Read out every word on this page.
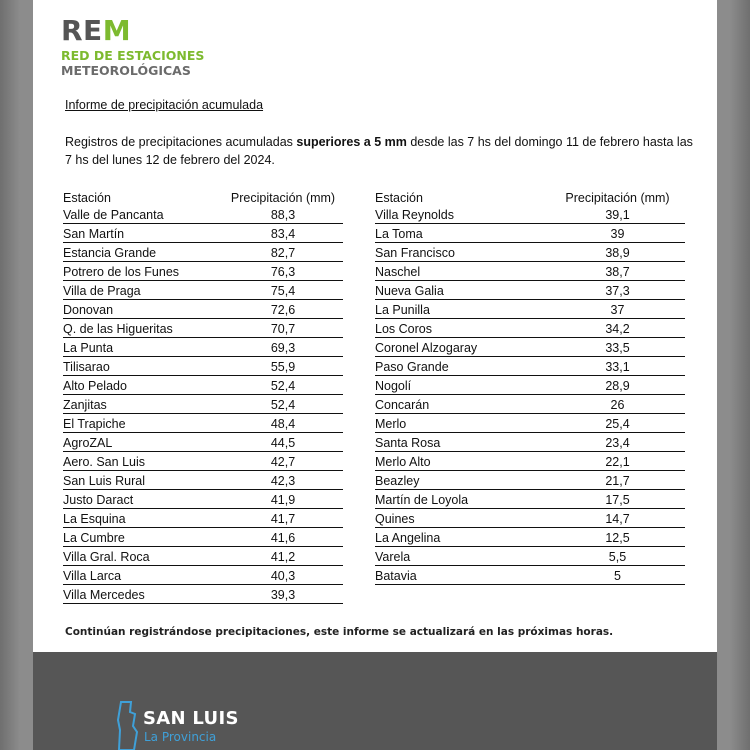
REM
RED DE ESTACIONES
METEOROLÓGICAS
Informe de precipitación acumulada
Registros de precipitaciones acumuladas superiores a 5 mm desde las 7 hs del domingo 11 de febrero hasta las 7 hs del lunes 12 de febrero del 2024.
Estación	Precipitación (mm)
Valle de Pancanta	88,3
San Martín	83,4
Estancia Grande	82,7
Potrero de los Funes	76,3
Villa de Praga	75,4
Donovan	72,6
Q. de las Higueritas	70,7
La Punta	69,3
Tilisarao	55,9
Alto Pelado	52,4
Zanjitas	52,4
El Trapiche	48,4
AgroZAL	44,5
Aero. San Luis	42,7
San Luis Rural	42,3
Justo Daract	41,9
La Esquina	41,7
La Cumbre	41,6
Villa Gral. Roca	41,2
Villa Larca	40,3
Villa Mercedes	39,3
Estación	Precipitación (mm)
Villa Reynolds	39,1
La Toma	39
San Francisco	38,9
Naschel	38,7
Nueva Galia	37,3
La Punilla	37
Los Coros	34,2
Coronel Alzogaray	33,5
Paso Grande	33,1
Nogolí	28,9
Concarán	26
Merlo	25,4
Santa Rosa	23,4
Merlo Alto	22,1
Beazley	21,7
Martín de Loyola	17,5
Quines	14,7
La Angelina	12,5
Varela	5,5
Batavia	5
Continúan registrándose precipitaciones, este informe se actualizará en las próximas horas.
SAN LUIS
La Provincia
